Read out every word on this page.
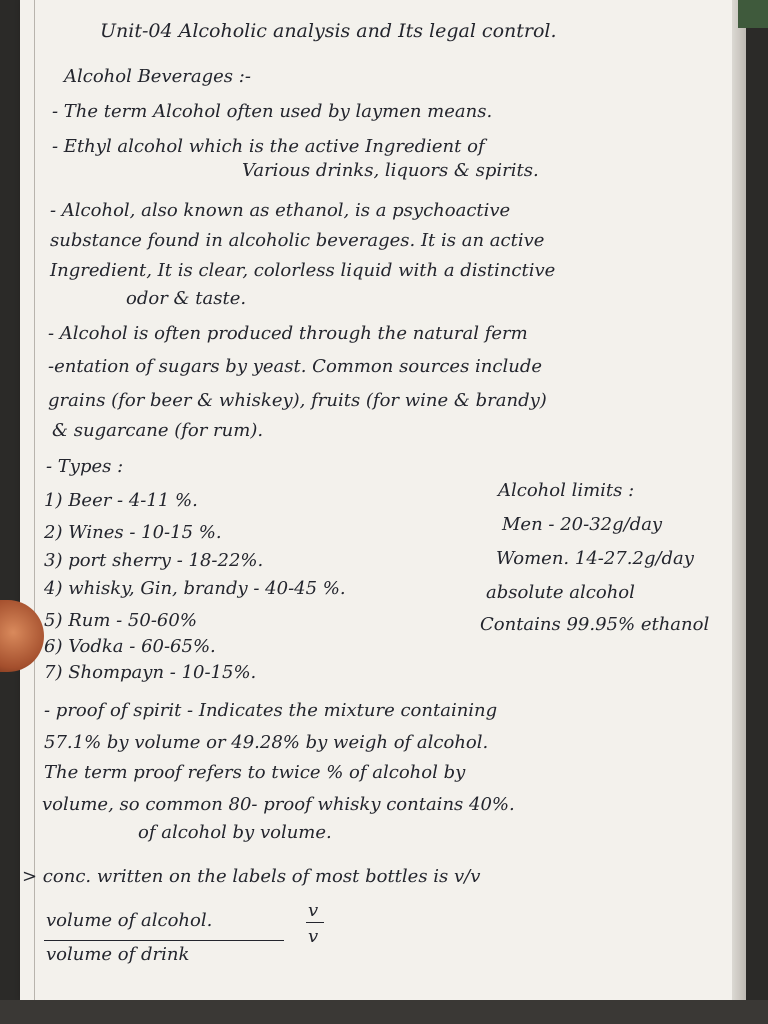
Unit-04 Alcoholic analysis and Its legal control.
Alcohol Beverages :-
- The term Alcohol often used by laymen means.
- Ethyl alcohol which is the active Ingredient of
Various drinks, liquors & spirits.
- Alcohol, also known as ethanol, is a psychoactive
substance found in alcoholic beverages. It is an active
Ingredient, It is clear, colorless liquid with a distinctive
odor & taste.
- Alcohol is often produced through the natural ferm
-entation of sugars by yeast. Common sources include
grains (for beer & whiskey), fruits (for wine & brandy)
& sugarcane (for rum).
- Types :
1) Beer - 4-11 %.
2) Wines - 10-15 %.
3) port sherry - 18-22%.
4) whisky, Gin, brandy - 40-45 %.
5) Rum - 50-60%
6) Vodka - 60-65%.
7) Shompayn - 10-15%.
Alcohol limits :
Men - 20-32g/day
Women. 14-27.2g/day
absolute alcohol
Contains 99.95% ethanol
- proof of spirit - Indicates the mixture containing
57.1% by volume or 49.28% by weigh of alcohol.
The term proof refers to twice % of alcohol by
volume, so common 80- proof whisky contains 40%.
of alcohol by volume.
> conc. written on the labels of most bottles is v/v
volume of alcohol.
volume of drink
v
v
